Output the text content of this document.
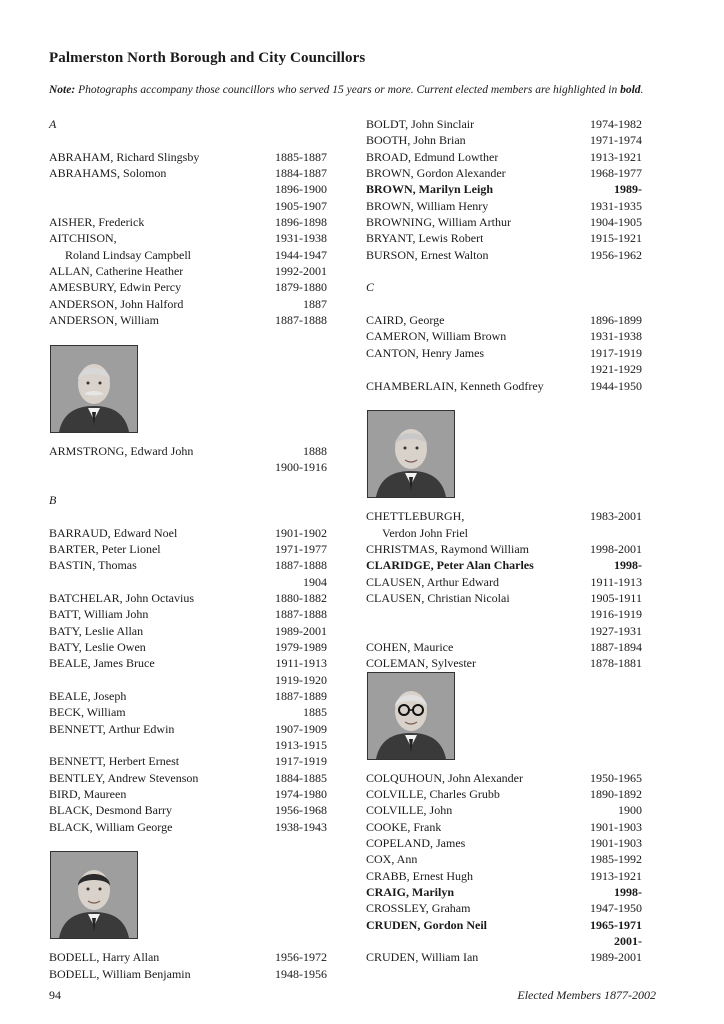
Palmerston North Borough and City Councillors
Note: Photographs accompany those councillors who served 15 years or more. Current elected members are highlighted in bold.
A
ABRAHAM, Richard Slingsby	1885-1887
ABRAHAMS, Solomon	1884-1887
1896-1900
1905-1907
AISHER, Frederick	1896-1898
AITCHISON,	1931-1938
Roland Lindsay Campbell	1944-1947
ALLAN, Catherine Heather	1992-2001
AMESBURY, Edwin Percy	1879-1880
ANDERSON, John Halford	1887
ANDERSON, William	1887-1888
ARMSTRONG, Edward John	1888
1900-1916
B
BARRAUD, Edward Noel	1901-1902
BARTER, Peter Lionel	1971-1977
BASTIN, Thomas	1887-1888
1904
BATCHELAR, John Octavius	1880-1882
BATT, William John	1887-1888
BATY, Leslie Allan	1989-2001
BATY, Leslie Owen	1979-1989
BEALE, James Bruce	1911-1913
1919-1920
BEALE, Joseph	1887-1889
BECK, William	1885
BENNETT, Arthur Edwin	1907-1909
1913-1915
BENNETT, Herbert Ernest	1917-1919
BENTLEY, Andrew Stevenson	1884-1885
BIRD, Maureen	1974-1980
BLACK, Desmond Barry	1956-1968
BLACK, William George	1938-1943
BODELL, Harry Allan	1956-1972
BODELL, William Benjamin	1948-1956
BOLDT, John Sinclair	1974-1982
BOOTH, John Brian	1971-1974
BROAD, Edmund Lowther	1913-1921
BROWN, Gordon Alexander	1968-1977
BROWN, Marilyn Leigh	1989-
BROWN, William Henry	1931-1935
BROWNING, William Arthur	1904-1905
BRYANT, Lewis Robert	1915-1921
BURSON, Ernest Walton	1956-1962
C
CAIRD, George	1896-1899
CAMERON, William Brown	1931-1938
CANTON, Henry James	1917-1919
1921-1929
CHAMBERLAIN, Kenneth Godfrey	1944-1950
CHETTLEBURGH,	1983-2001
Verdon John Friel
CHRISTMAS, Raymond William	1998-2001
CLARIDGE, Peter Alan Charles	1998-
CLAUSEN, Arthur Edward	1911-1913
CLAUSEN, Christian Nicolai	1905-1911
1916-1919
1927-1931
COHEN, Maurice	1887-1894
COLEMAN, Sylvester	1878-1881
COLQUHOUN, John Alexander	1950-1965
COLVILLE, Charles Grubb	1890-1892
COLVILLE, John	1900
COOKE, Frank	1901-1903
COPELAND, James	1901-1903
COX, Ann	1985-1992
CRABB, Ernest Hugh	1913-1921
CRAIG, Marilyn	1998-
CROSSLEY, Graham	1947-1950
CRUDEN, Gordon Neil	1965-1971
2001-
CRUDEN, William Ian	1989-2001
94	Elected Members 1877-2002
